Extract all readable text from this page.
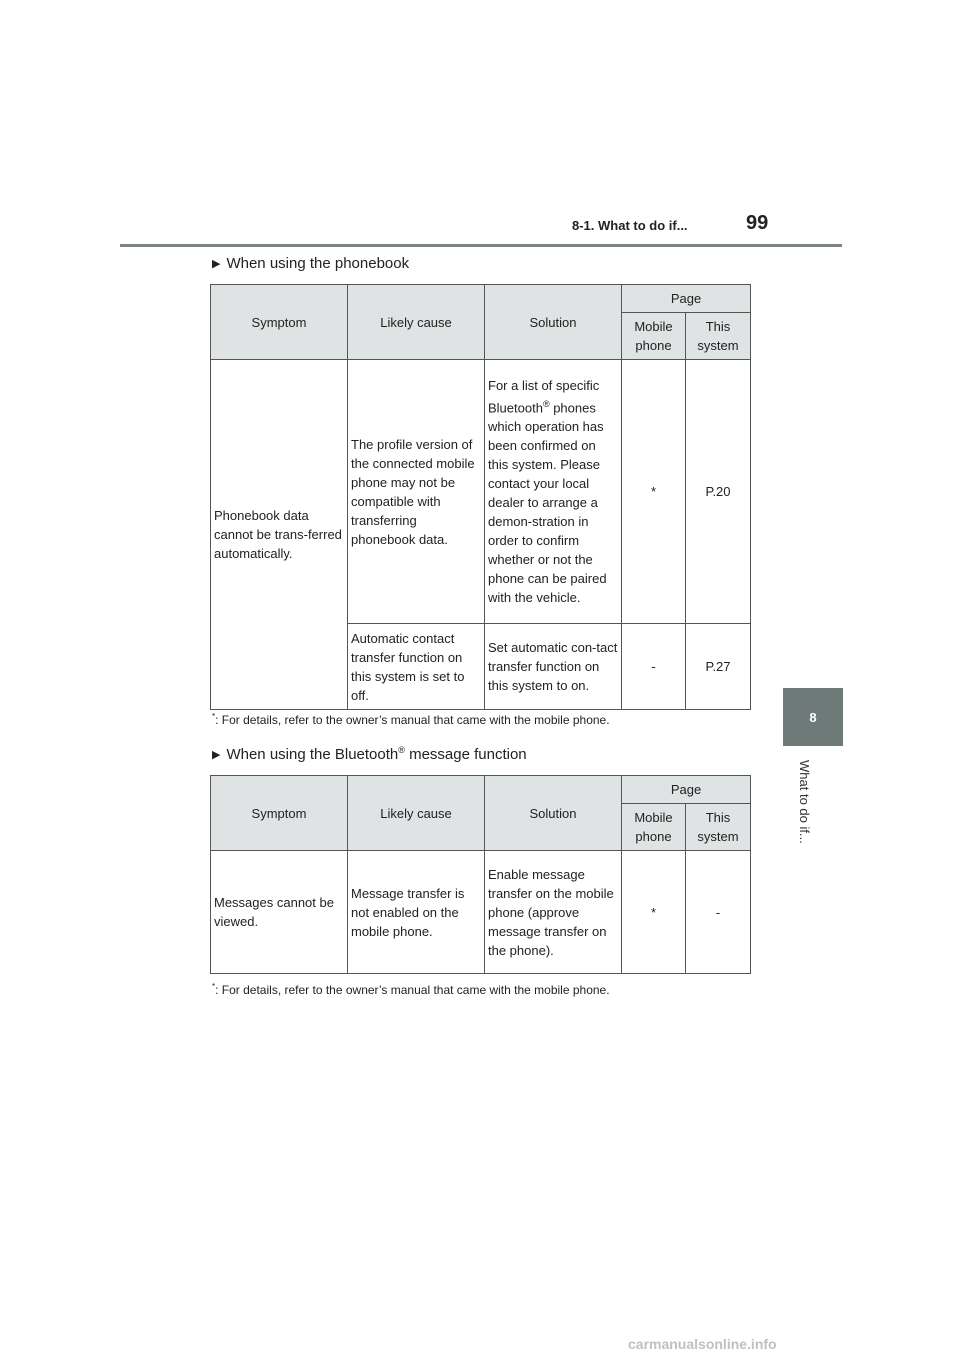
8-1. What to do if...	99
8
What to do if...
▶ When using the phonebook
Symptom	Likely cause	Solution	Page	
			Mobile phone	This system
Phonebook data cannot be trans-ferred automatically.	The profile version of the connected mobile phone may not be compatible with transferring phonebook data.	For a list of specific Bluetooth® phones which operation has been confirmed on this system. Please contact your local dealer to arrange a demon-stration in order to confirm whether or not the phone can be paired with the vehicle.	*	P.20
	Automatic contact transfer function on this system is set to off.	Set automatic con-tact transfer function on this system to on.	-	P.27
*: For details, refer to the owner’s manual that came with the mobile phone.
▶ When using the Bluetooth® message function
Symptom	Likely cause	Solution	Page	
			Mobile phone	This system
Messages cannot be viewed.	Message transfer is not enabled on the mobile phone.	Enable message transfer on the mobile phone (approve message transfer on the phone).	*	-
*: For details, refer to the owner’s manual that came with the mobile phone.
carmanualsonline.info
